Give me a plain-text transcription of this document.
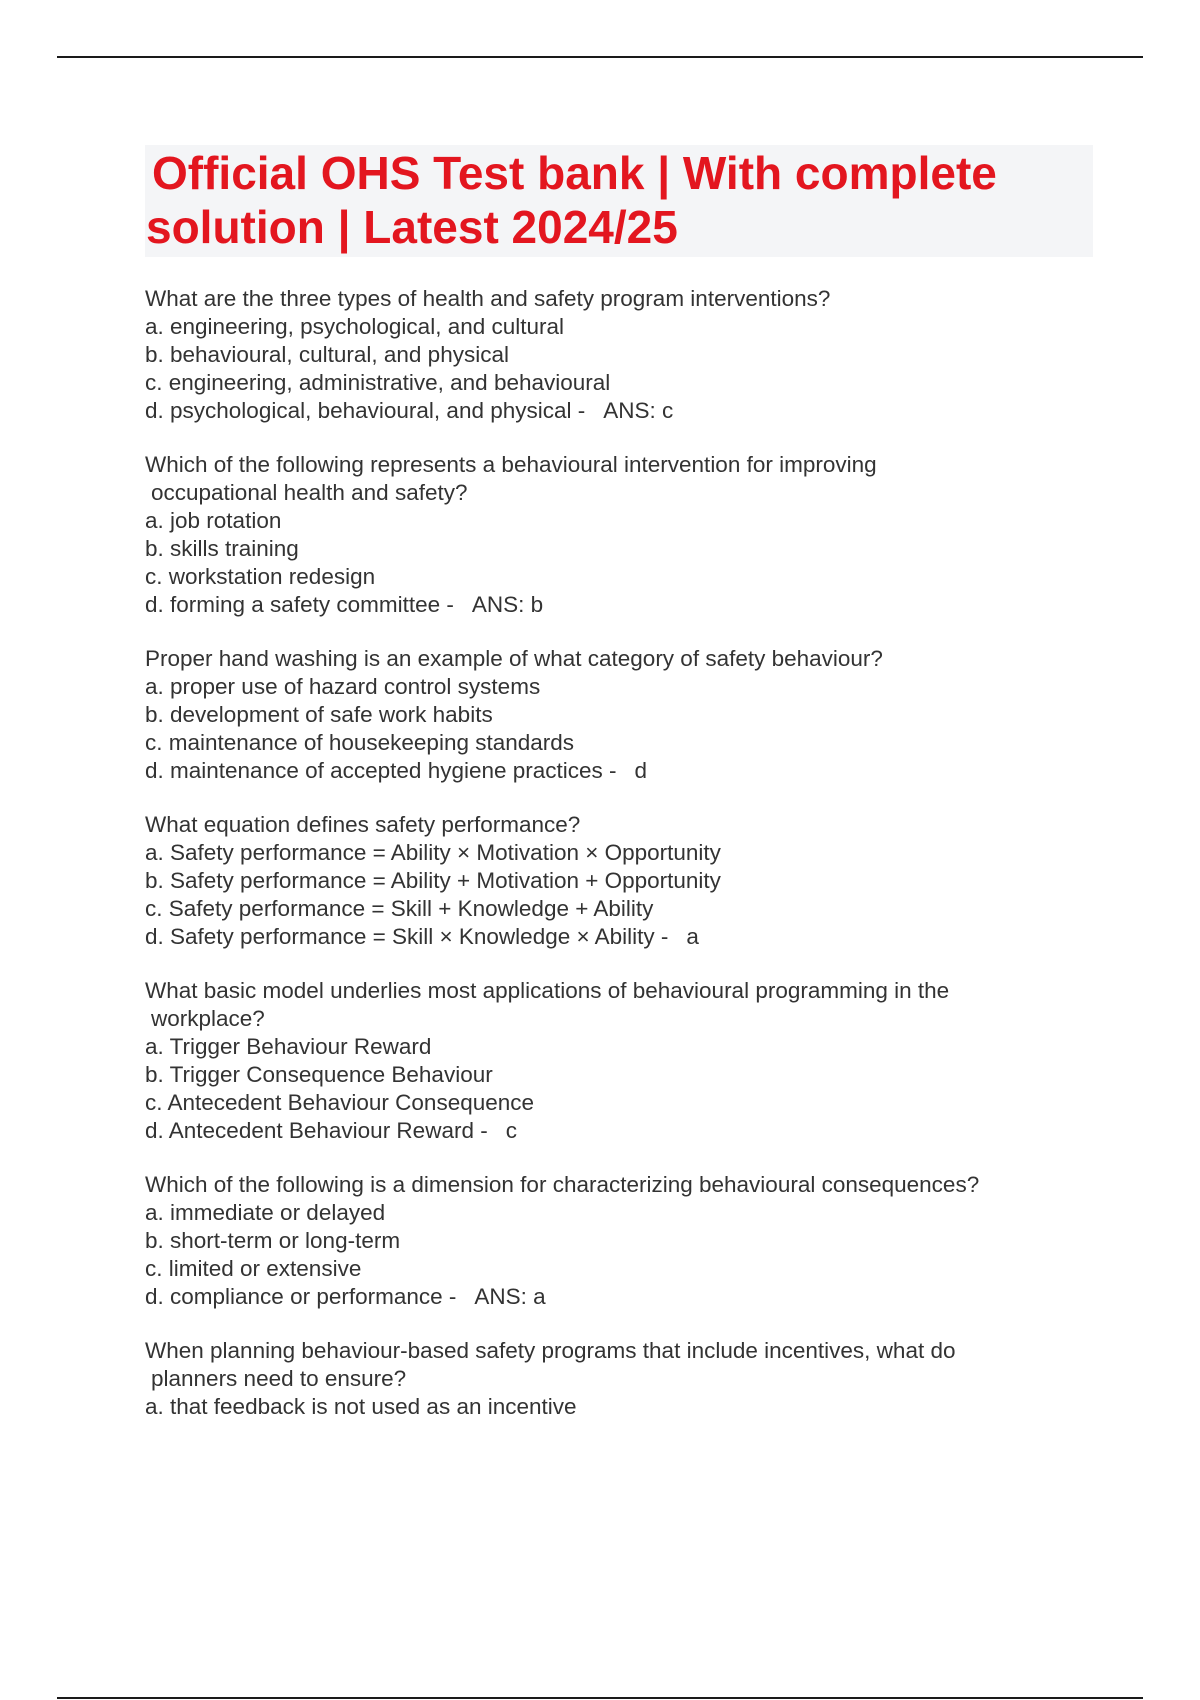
Official OHS Test bank | With complete
solution | Latest 2024/25
What are the three types of health and safety program interventions?
a. engineering, psychological, and cultural
b. behavioural, cultural, and physical
c. engineering, administrative, and behavioural
d. psychological, behavioural, and physical - ANS: c
Which of the following represents a behavioural intervention for improving
occupational health and safety?
a. job rotation
b. skills training
c. workstation redesign
d. forming a safety committee - ANS: b
Proper hand washing is an example of what category of safety behaviour?
a. proper use of hazard control systems
b. development of safe work habits
c. maintenance of housekeeping standards
d. maintenance of accepted hygiene practices - d
What equation defines safety performance?
a. Safety performance = Ability × Motivation × Opportunity
b. Safety performance = Ability + Motivation + Opportunity
c. Safety performance = Skill + Knowledge + Ability
d. Safety performance = Skill × Knowledge × Ability - a
What basic model underlies most applications of behavioural programming in the
workplace?
a. Trigger Behaviour Reward
b. Trigger Consequence Behaviour
c. Antecedent Behaviour Consequence
d. Antecedent Behaviour Reward - c
Which of the following is a dimension for characterizing behavioural consequences?
a. immediate or delayed
b. short-term or long-term
c. limited or extensive
d. compliance or performance - ANS: a
When planning behaviour-based safety programs that include incentives, what do
planners need to ensure?
a. that feedback is not used as an incentive
